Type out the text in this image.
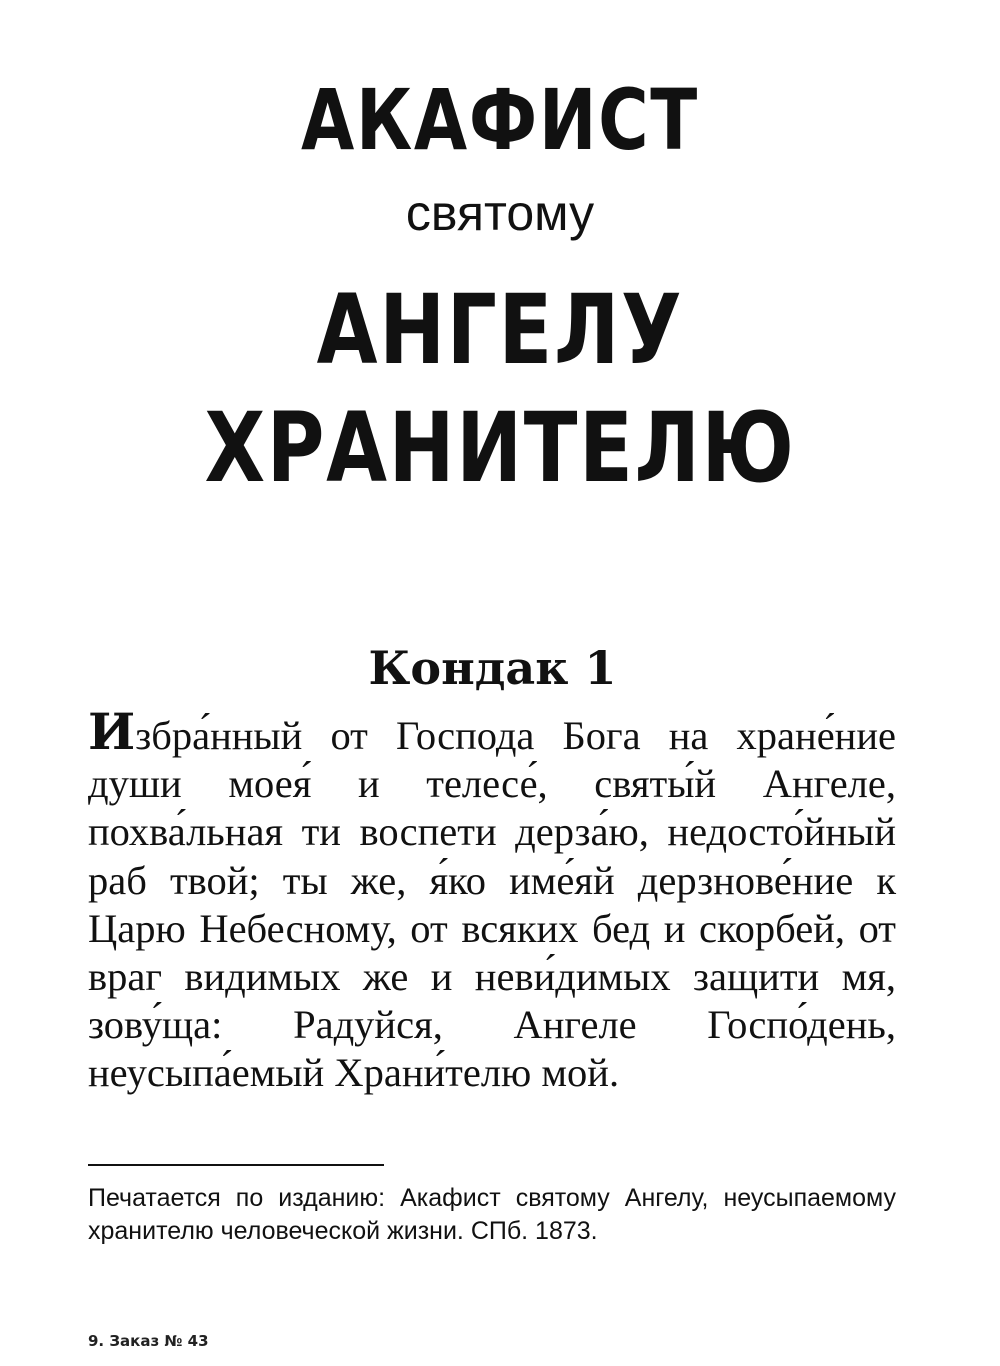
АКАФИСТ
святому
АНГЕЛУ
ХРАНИТЕЛЮ
Кондак 1
Избра́нный от Господа Бога на хране́ние души моея́ и телесе́, святы́й Ангеле, похва́льная ти воспети дерза́ю, недосто́йный раб твой; ты же, я́ко име́яй дерзнове́ние к Царю Небесному, от всяких бед и скорбей, от враг видимых же и неви́димых защити мя, зову́ща: Радуйся, Ангеле Госпо́день, неусыпа́емый Храни́телю мой.
Печатается по изданию: Акафист святому Ангелу, неусыпаемому хранителю человеческой жизни. СПб. 1873.
9. Заказ № 43
